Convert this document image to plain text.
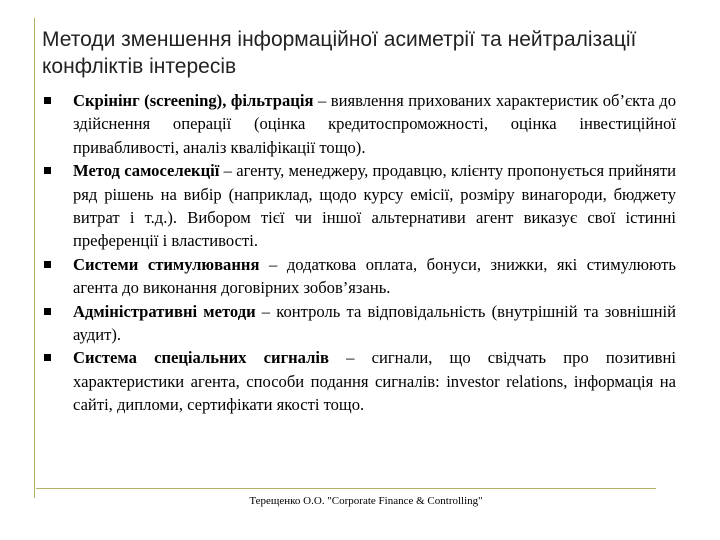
Методи зменшення інформаційної асиметрії та нейтралізації конфліктів інтересів
Скрінінг (screening), фільтрація – виявлення прихованих характеристик об’єкта до здійснення операції (оцінка кредитоспроможності, оцінка інвестиційної привабливості, аналіз кваліфікації тощо).
Метод самоселекції – агенту, менеджеру, продавцю, клієнту пропонується прийняти ряд рішень на вибір (наприклад, щодо курсу емісії, розміру винагороди, бюджету витрат і т.д.). Вибором тієї чи іншої альтернативи агент виказує свої істинні преференції і властивості.
Системи стимулювання – додаткова оплата, бонуси, знижки, які стимулюють агента до виконання договірних зобов’язань.
Адміністративні методи – контроль та відповідальність (внутрішній та зовнішній аудит).
Система спеціальних сигналів – сигнали, що свідчать про позитивні характеристики агента, способи подання сигналів: investor relations, інформація на сайті, дипломи, сертифікати якості тощо.
Терещенко О.О. "Corporate Finance & Controlling"
